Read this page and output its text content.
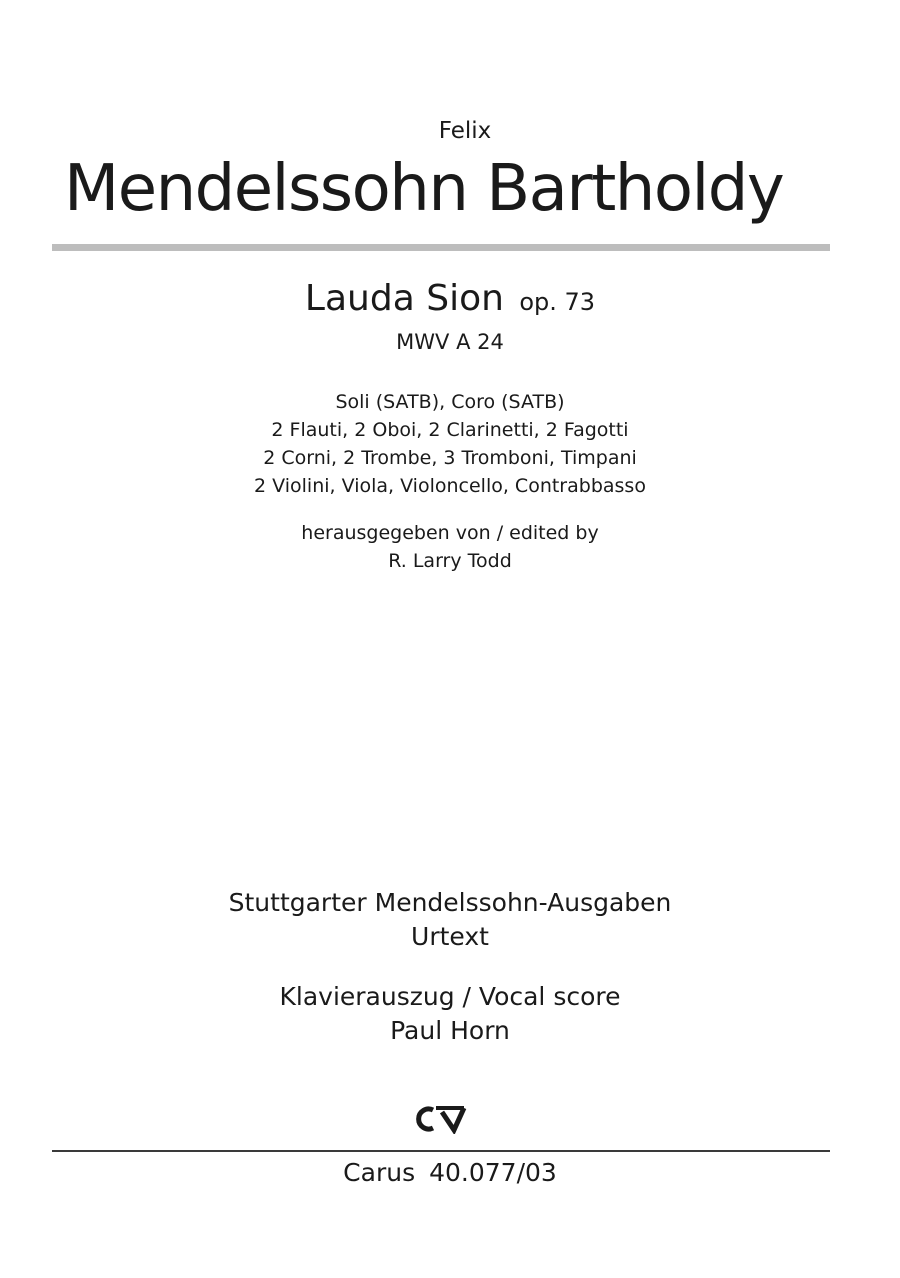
Felix
Mendelssohn Bartholdy
Lauda Sion op. 73
MWV A 24
Soli (SATB), Coro (SATB)
2 Flauti, 2 Oboi, 2 Clarinetti, 2 Fagotti
2 Corni, 2 Trombe, 3 Tromboni, Timpani
2 Violini, Viola, Violoncello, Contrabbasso
herausgegeben von / edited by
R. Larry Todd
Stuttgarter Mendelssohn-Ausgaben
Urtext
Klavierauszug / Vocal score
Paul Horn
Carus 40.077/03
